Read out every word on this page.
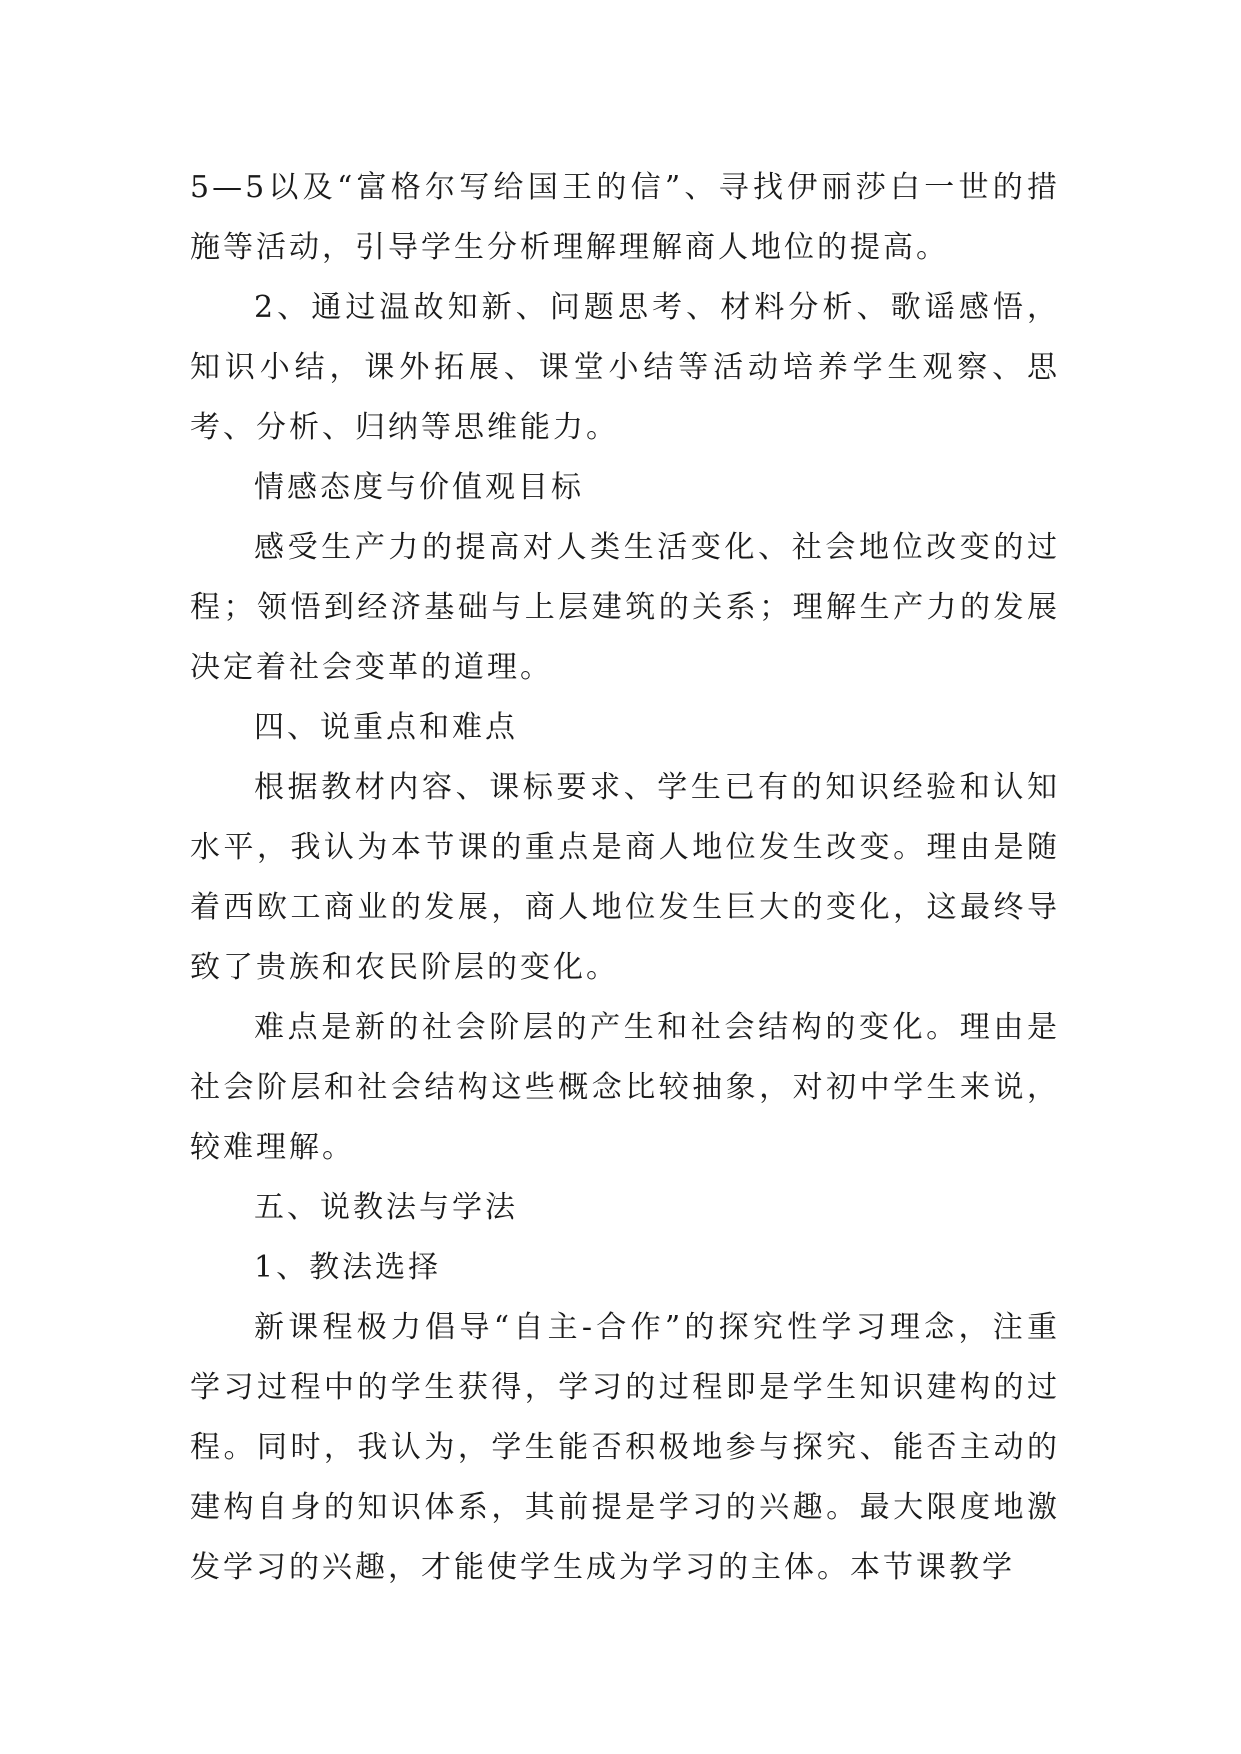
5—5以及“富格尔写给国王的信”、寻找伊丽莎白一世的措施等活动，引导学生分析理解理解商人地位的提高。

2、通过温故知新、问题思考、材料分析、歌谣感悟，知识小结，课外拓展、课堂小结等活动培养学生观察、思考、分析、归纳等思维能力。

情感态度与价值观目标

感受生产力的提高对人类生活变化、社会地位改变的过程；领悟到经济基础与上层建筑的关系；理解生产力的发展决定着社会变革的道理。

四、说重点和难点

根据教材内容、课标要求、学生已有的知识经验和认知水平，我认为本节课的重点是商人地位发生改变。理由是随着西欧工商业的发展，商人地位发生巨大的变化，这最终导致了贵族和农民阶层的变化。

难点是新的社会阶层的产生和社会结构的变化。理由是社会阶层和社会结构这些概念比较抽象，对初中学生来说，较难理解。

五、说教法与学法

1、教法选择

新课程极力倡导“自主-合作”的探究性学习理念，注重学习过程中的学生获得，学习的过程即是学生知识建构的过程。同时，我认为，学生能否积极地参与探究、能否主动的建构自身的知识体系，其前提是学习的兴趣。最大限度地激发学习的兴趣，才能使学生成为学习的主体。本节课教学
